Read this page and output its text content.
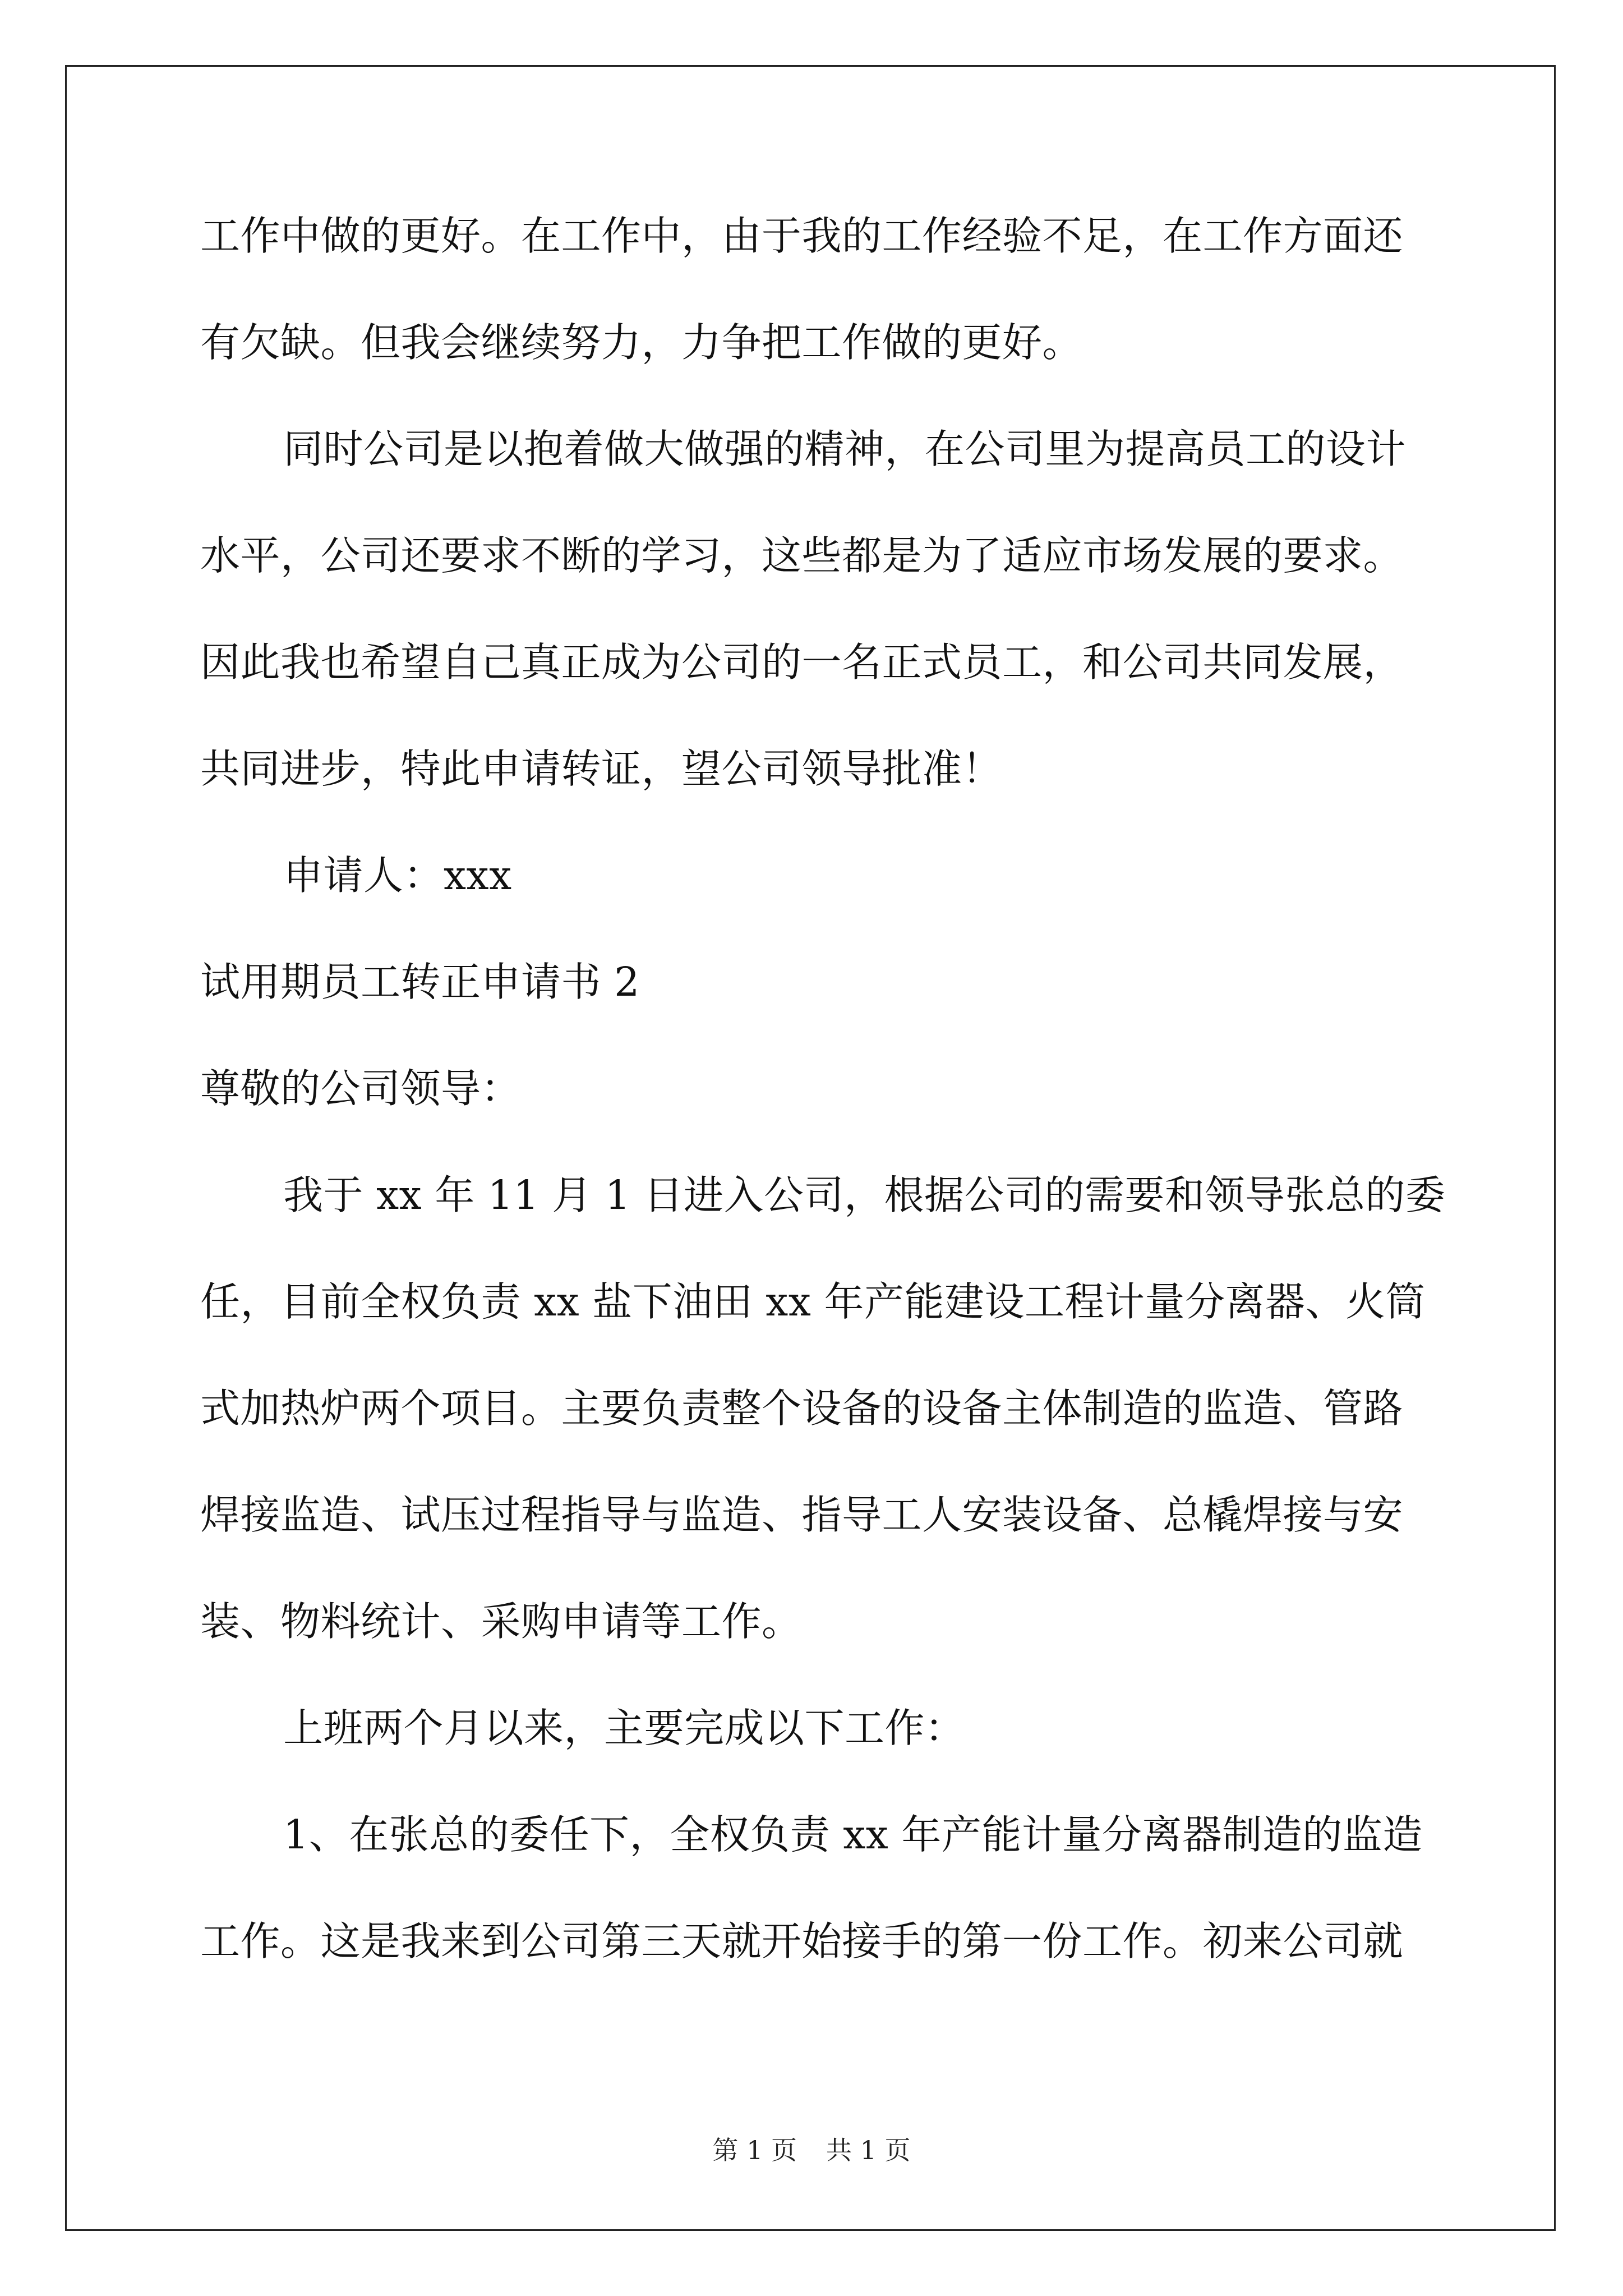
工作中做的更好。在工作中，由于我的工作经验不足，在工作方面还
有欠缺。但我会继续努力，力争把工作做的更好。
同时公司是以抱着做大做强的精神，在公司里为提高员工的设计
水平，公司还要求不断的学习，这些都是为了适应市场发展的要求。
因此我也希望自己真正成为公司的一名正式员工，和公司共同发展，
共同进步，特此申请转证，望公司领导批准！
申请人：xxx
试用期员工转正申请书 2
尊敬的公司领导：
我于 xx 年 11 月 1 日进入公司，根据公司的需要和领导张总的委
任，目前全权负责 xx 盐下油田 xx 年产能建设工程计量分离器、火筒
式加热炉两个项目。主要负责整个设备的设备主体制造的监造、管路
焊接监造、试压过程指导与监造、指导工人安装设备、总橇焊接与安
装、物料统计、采购申请等工作。
上班两个月以来，主要完成以下工作：
1、在张总的委任下，全权负责 xx 年产能计量分离器制造的监造
工作。这是我来到公司第三天就开始接手的第一份工作。初来公司就
第 1 页 共 1 页
